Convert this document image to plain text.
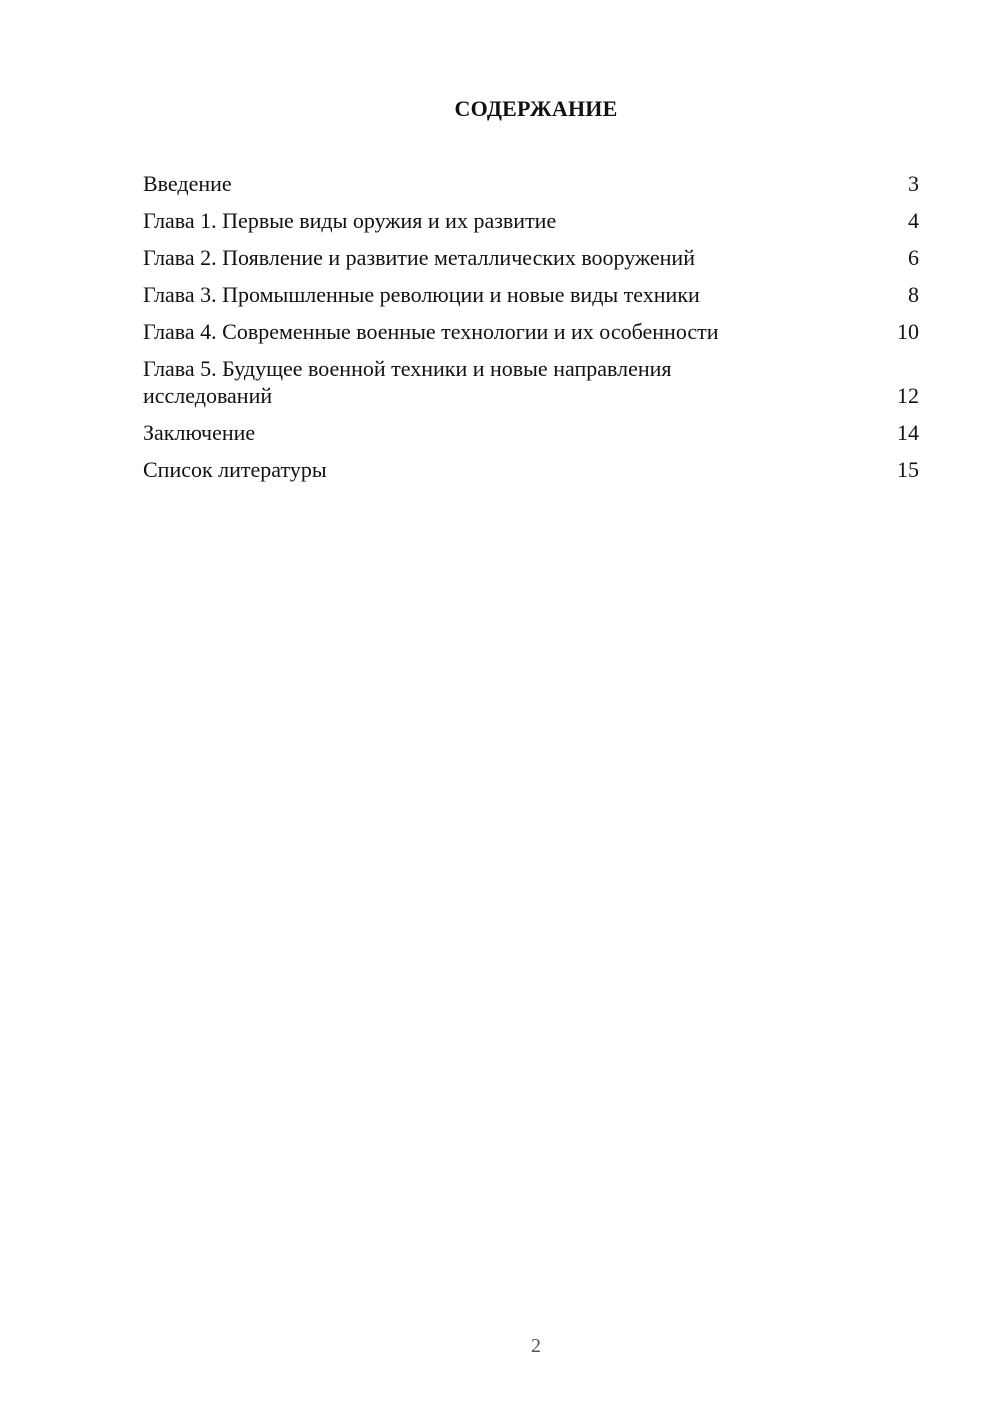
СОДЕРЖАНИЕ
Введение	3
Глава 1. Первые виды оружия и их развитие	4
Глава 2. Появление и развитие металлических вооружений	6
Глава 3. Промышленные революции и новые виды техники	8
Глава 4. Современные военные технологии и их особенности	10
Глава 5. Будущее военной техники и новые направления исследований	12
Заключение	14
Список литературы	15
2
